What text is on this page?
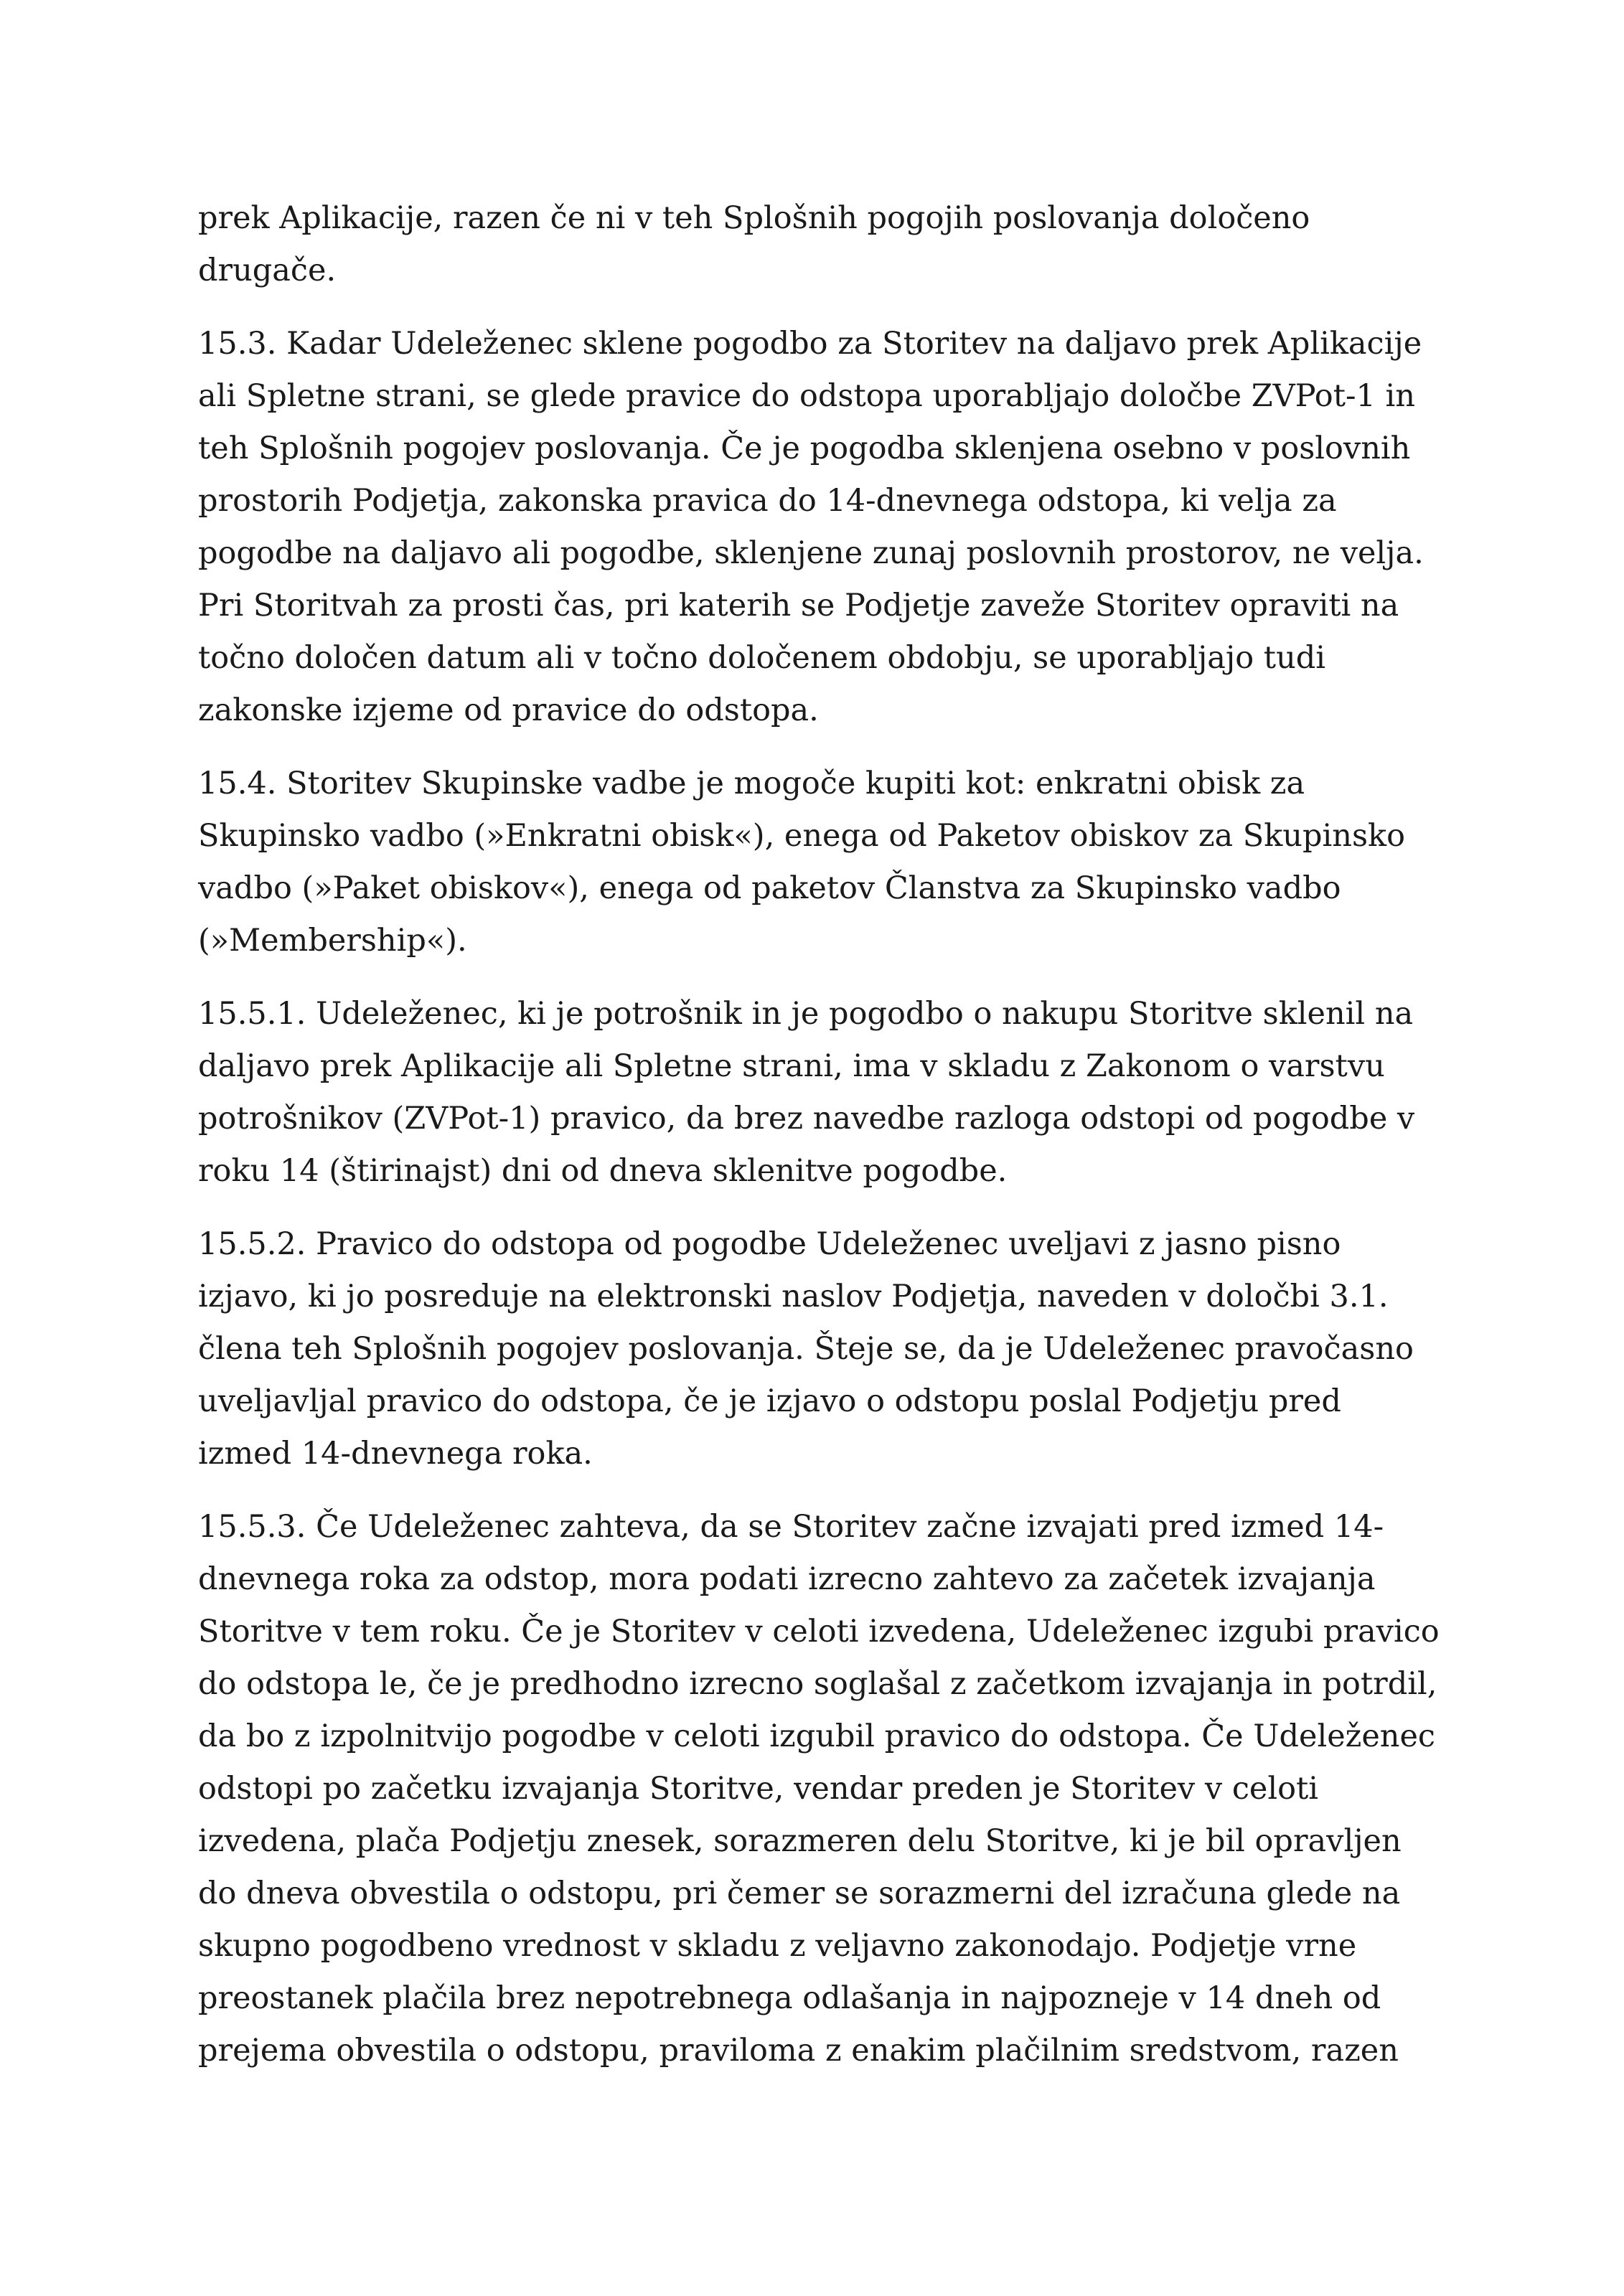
prek Aplikacije, razen če ni v teh Splošnih pogojih poslovanja določeno
drugače.

15.3. Kadar Udeleženec sklene pogodbo za Storitev na daljavo prek Aplikacije
ali Spletne strani, se glede pravice do odstopa uporabljajo določbe ZVPot-1 in
teh Splošnih pogojev poslovanja. Če je pogodba sklenjena osebno v poslovnih
prostorih Podjetja, zakonska pravica do 14-dnevnega odstopa, ki velja za
pogodbe na daljavo ali pogodbe, sklenjene zunaj poslovnih prostorov, ne velja.
Pri Storitvah za prosti čas, pri katerih se Podjetje zaveže Storitev opraviti na
točno določen datum ali v točno določenem obdobju, se uporabljajo tudi
zakonske izjeme od pravice do odstopa.

15.4. Storitev Skupinske vadbe je mogoče kupiti kot: enkratni obisk za
Skupinsko vadbo (»Enkratni obisk«), enega od Paketov obiskov za Skupinsko
vadbo (»Paket obiskov«), enega od paketov Članstva za Skupinsko vadbo
(»Membership«).

15.5.1. Udeleženec, ki je potrošnik in je pogodbo o nakupu Storitve sklenil na
daljavo prek Aplikacije ali Spletne strani, ima v skladu z Zakonom o varstvu
potrošnikov (ZVPot-1) pravico, da brez navedbe razloga odstopi od pogodbe v
roku 14 (štirinajst) dni od dneva sklenitve pogodbe.

15.5.2. Pravico do odstopa od pogodbe Udeleženec uveljavi z jasno pisno
izjavo, ki jo posreduje na elektronski naslov Podjetja, naveden v določbi 3.1.
člena teh Splošnih pogojev poslovanja. Šteje se, da je Udeleženec pravočasno
uveljavljal pravico do odstopa, če je izjavo o odstopu poslal Podjetju pred
izmed 14-dnevnega roka.

15.5.3. Če Udeleženec zahteva, da se Storitev začne izvajati pred izmed 14-
dnevnega roka za odstop, mora podati izrecno zahtevo za začetek izvajanja
Storitve v tem roku. Če je Storitev v celoti izvedena, Udeleženec izgubi pravico
do odstopa le, če je predhodno izrecno soglašal z začetkom izvajanja in potrdil,
da bo z izpolnitvijo pogodbe v celoti izgubil pravico do odstopa. Če Udeleženec
odstopi po začetku izvajanja Storitve, vendar preden je Storitev v celoti
izvedena, plača Podjetju znesek, sorazmeren delu Storitve, ki je bil opravljen
do dneva obvestila o odstopu, pri čemer se sorazmerni del izračuna glede na
skupno pogodbeno vrednost v skladu z veljavno zakonodajo. Podjetje vrne
preostanek plačila brez nepotrebnega odlašanja in najpozneje v 14 dneh od
prejema obvestila o odstopu, praviloma z enakim plačilnim sredstvom, razen
